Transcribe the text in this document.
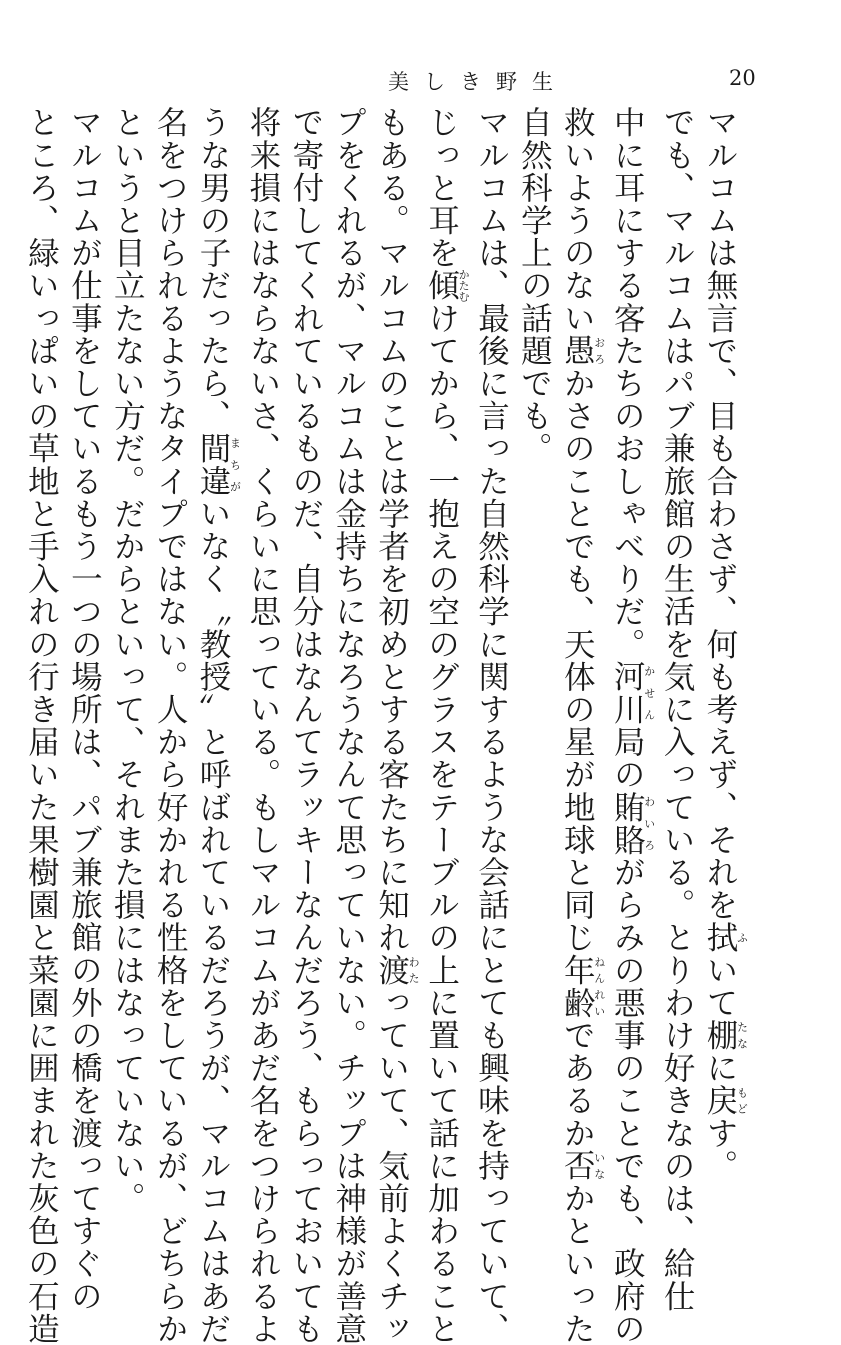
美しき野生	20
マルコムは無言で、目も合わさず、何も考えず、それを拭ふいて棚たなに戻もどす。
でも、マルコムはパブ兼旅館の生活を気に入っている。とりわけ好きなのは、給仕
中に耳にする客たちのおしゃべりだ。河川かせん局の賄賂わいろがらみの悪事のことでも、政府の
救いようのない愚おろかさのことでも、天体の星が地球と同じ年齢ねんれいであるか否いなかといった
自然科学上の話題でも。
マルコムは、最後に言った自然科学に関するような会話にとても興味を持っていて、
じっと耳を傾かたむけてから、一抱えの空のグラスをテーブルの上に置いて話に加わること
もある。マルコムのことは学者を初めとする客たちに知れ渡わたっていて、気前よくチッ
プをくれるが、マルコムは金持ちになろうなんて思っていない。チップは神様が善意
で寄付してくれているものだ、自分はなんてラッキーなんだろう、もらっておいても
将来損にはならないさ、くらいに思っている。もしマルコムがあだ名をつけられるよ
うな男の子だったら、間違まちがいなく〝教授〟と呼ばれているだろうが、マルコムはあだ
名をつけられるようなタイプではない。人から好かれる性格をしているが、どちらか
というと目立たない方だ。だからといって、それまた損にはなっていない。
マルコムが仕事をしているもう一つの場所は、パブ兼旅館の外の橋を渡ってすぐの
ところ、緑いっぱいの草地と手入れの行き届いた果樹園と菜園に囲まれた灰色の石造
